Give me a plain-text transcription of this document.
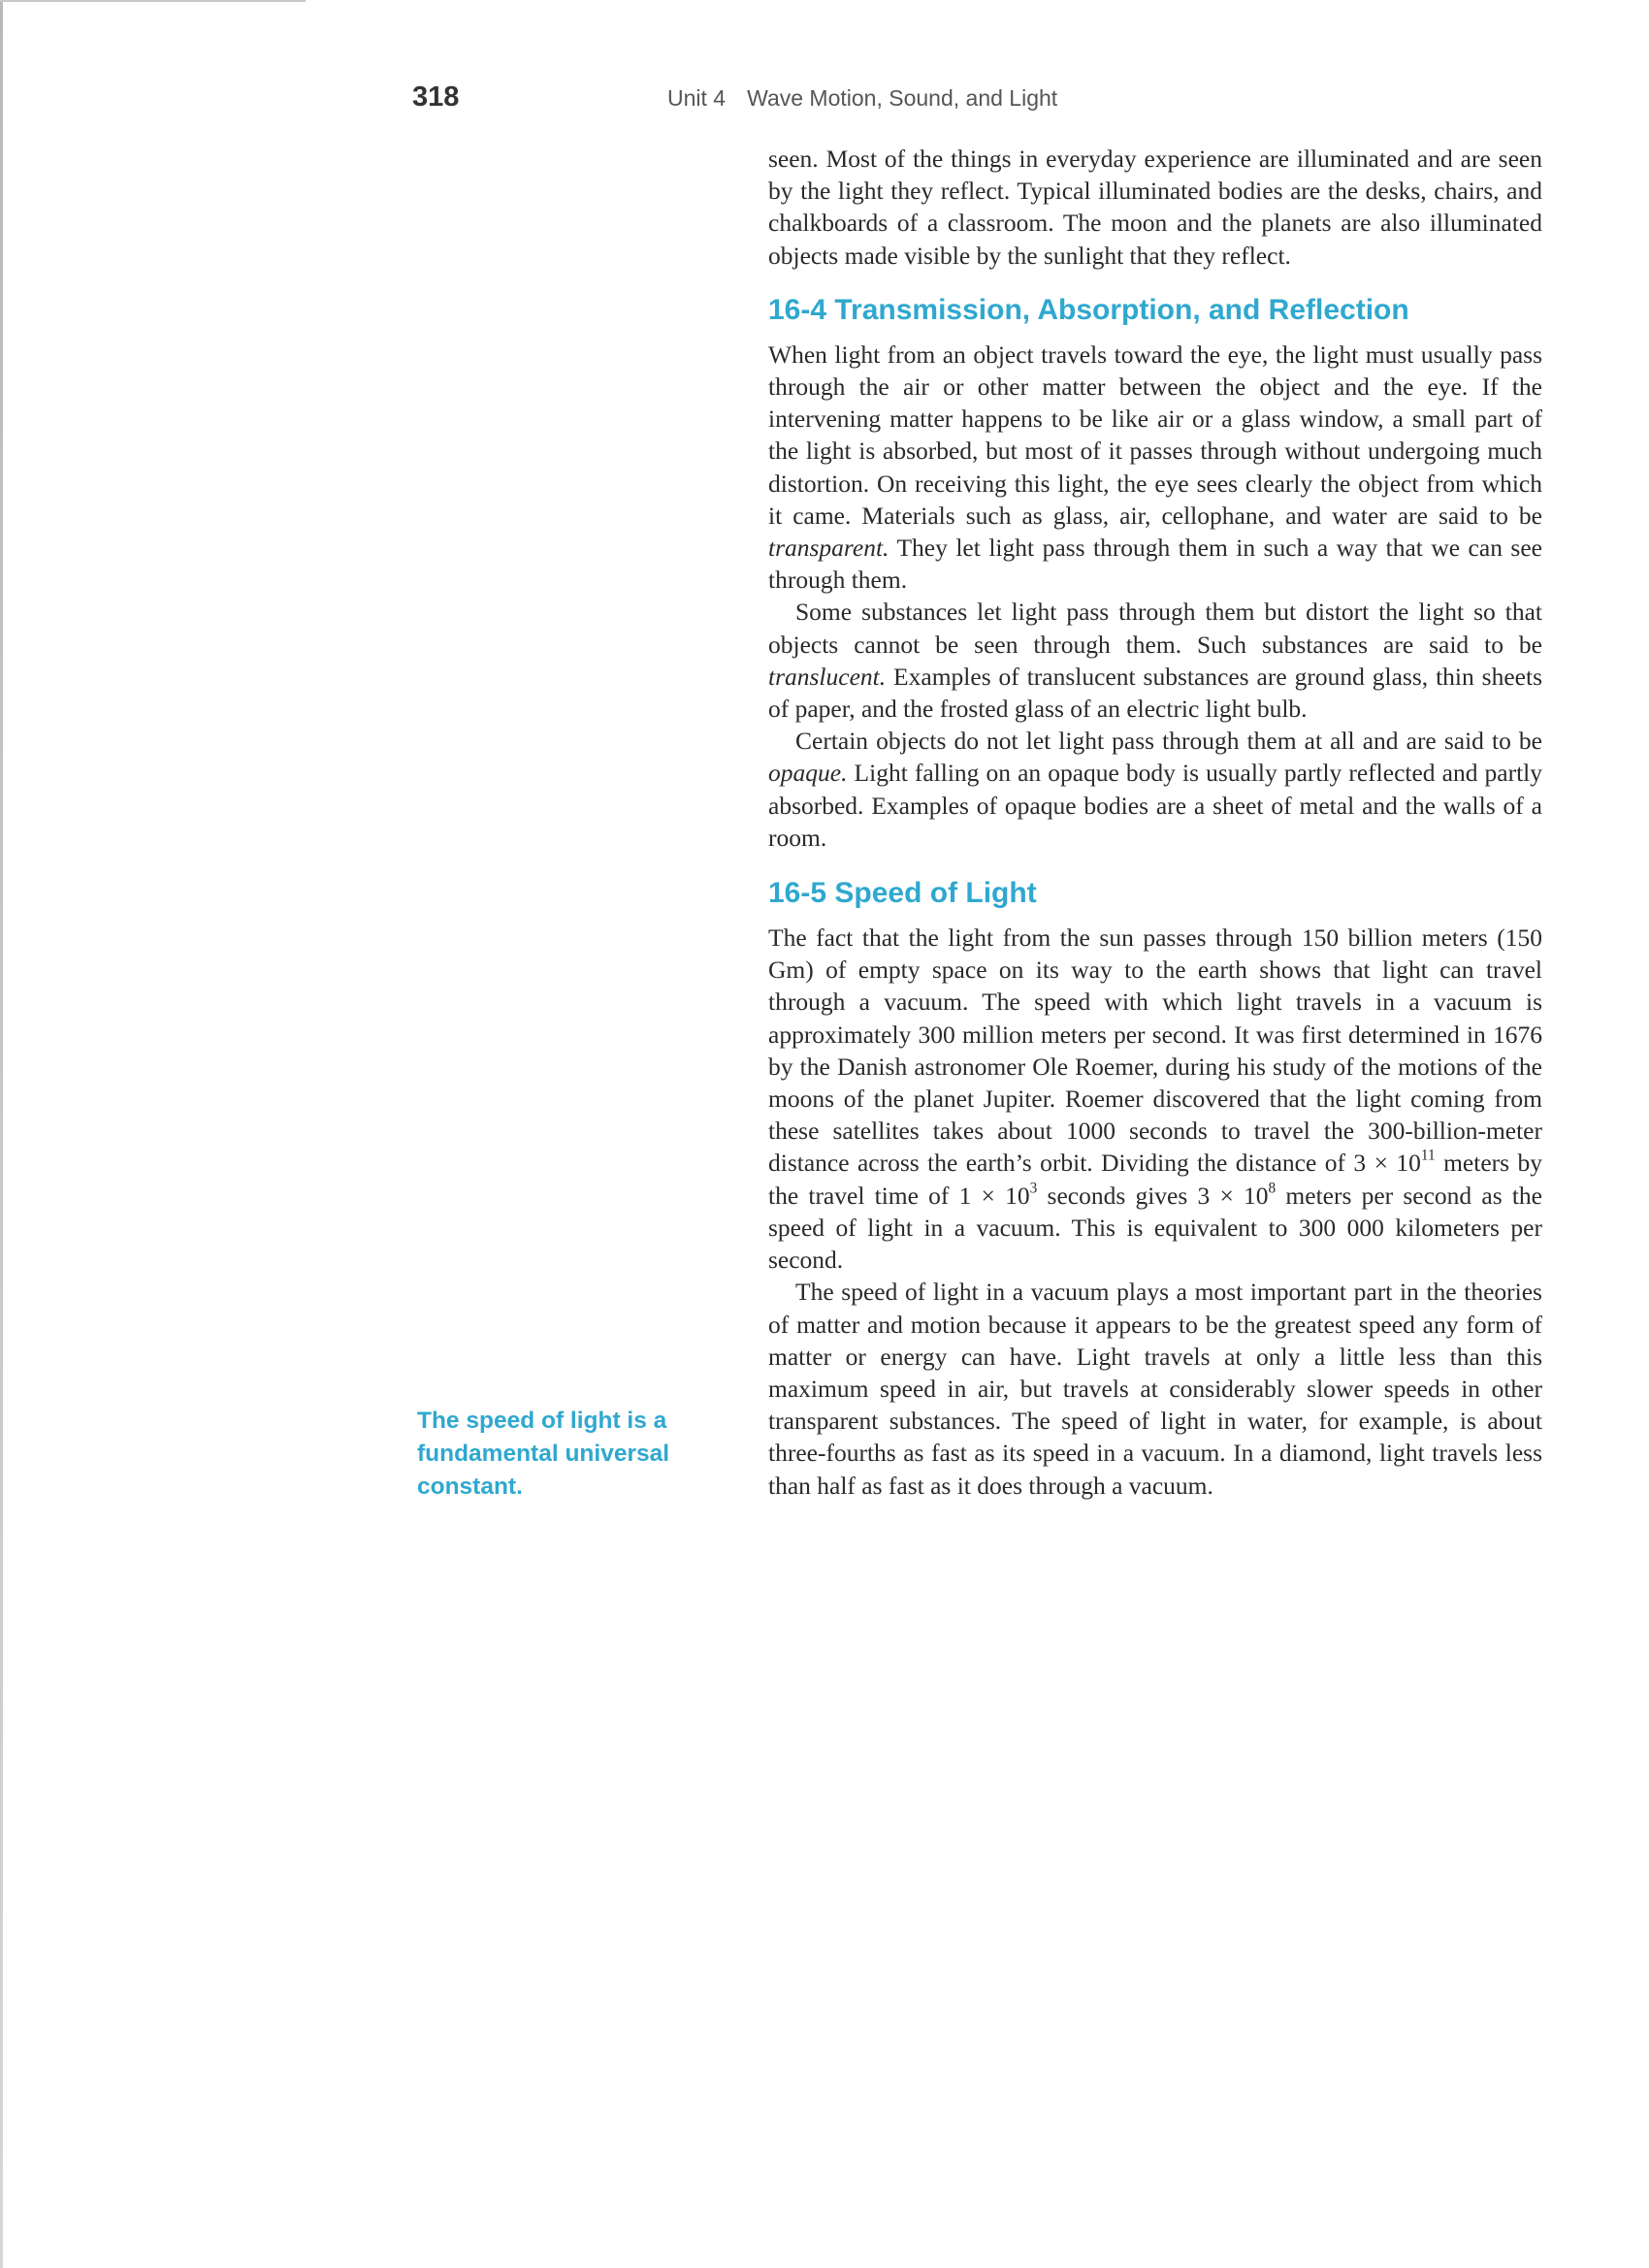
318	Unit 4 Wave Motion, Sound, and Light

seen. Most of the things in everyday experience are illuminated and are seen by the light they reflect. Typical illuminated bodies are the desks, chairs, and chalkboards of a classroom. The moon and the planets are also illuminated objects made visible by the sunlight that they reflect.

16-4 Transmission, Absorption, and Reflection

When light from an object travels toward the eye, the light must usually pass through the air or other matter between the object and the eye. If the intervening matter happens to be like air or a glass window, a small part of the light is absorbed, but most of it passes through without undergoing much distortion. On receiving this light, the eye sees clearly the object from which it came. Materials such as glass, air, cellophane, and water are said to be transparent. They let light pass through them in such a way that we can see through them.

Some substances let light pass through them but distort the light so that objects cannot be seen through them. Such substances are said to be translucent. Examples of translucent substances are ground glass, thin sheets of paper, and the frosted glass of an electric light bulb.

Certain objects do not let light pass through them at all and are said to be opaque. Light falling on an opaque body is usually partly reflected and partly absorbed. Examples of opaque bodies are a sheet of metal and the walls of a room.

16-5 Speed of Light

The fact that the light from the sun passes through 150 billion meters (150 Gm) of empty space on its way to the earth shows that light can travel through a vacuum. The speed with which light travels in a vacuum is approximately 300 million meters per second. It was first determined in 1676 by the Danish astronomer Ole Roemer, during his study of the motions of the moons of the planet Jupiter. Roemer discovered that the light coming from these satellites takes about 1000 seconds to travel the 300-billion-meter distance across the earth’s orbit. Dividing the distance of $3 \times 10^{11}$ meters by the travel time of $1 \times 10^3$ seconds gives $3 \times 10^8$ meters per second as the speed of light in a vacuum. This is equivalent to 300 000 kilometers per second.

The speed of light in a vacuum plays a most important part in the theories of matter and motion because it appears to be the greatest speed any form of matter or energy can have. Light travels at only a little less than this maximum speed in air, but travels at considerably slower speeds in other transparent substances. The speed of light in water, for example, is about three-fourths as fast as its speed in a vacuum. In a diamond, light travels less than half as fast as it does through a vacuum.

The speed of light is a fundamental universal constant.
